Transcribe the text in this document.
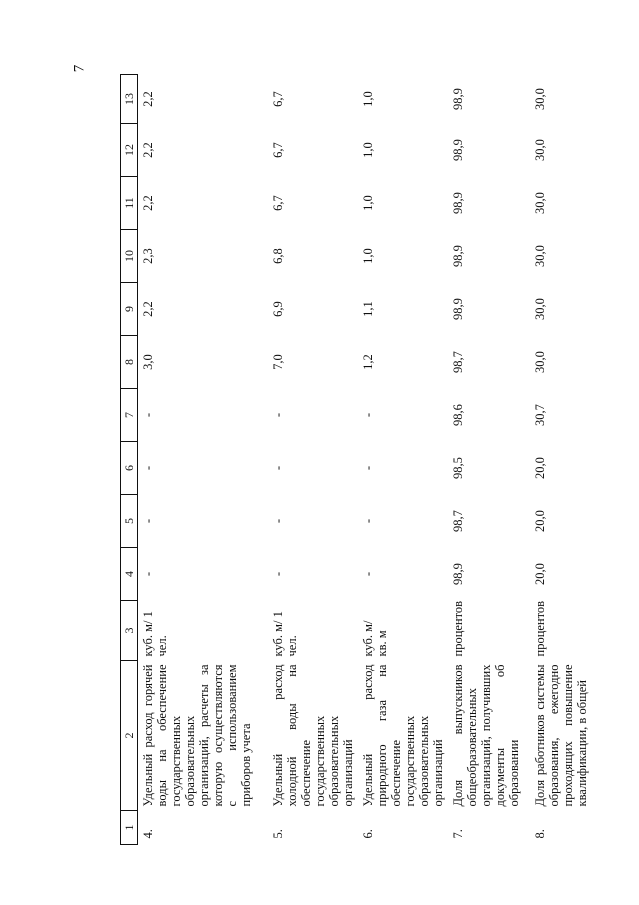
7
1	2	3	4	5	6	7	8	9	10	11	12	13
4.	Удельный расход горячей воды на обеспечение государственных образовательных организаций, расчеты за которую осуществляются с использованием приборов учета	куб. м/ 1 чел.	-	-	-	-	3,0	2,2	2,3	2,2	2,2	2,2
5.	Удельный расход холодной воды на обеспечение государственных образовательных организаций	куб. м/ 1 чел.	-	-	-	-	7,0	6,9	6,8	6,7	6,7	6,7
6.	Удельный расход природного газа на обеспечение государственных образовательных организаций	куб. м/ кв. м	-	-	-	-	1,2	1,1	1,0	1,0	1,0	1,0
7.	Доля выпускников общеобразовательных организаций, получивших документы об образовании	процентов	98,9	98,7	98,5	98,6	98,7	98,9	98,9	98,9	98,9	98,9
8.	Доля работников системы образования, ежегодно проходящих повышение квалификации, в общей	процентов	20,0	20,0	20,0	30,7	30,0	30,0	30,0	30,0	30,0	30,0
